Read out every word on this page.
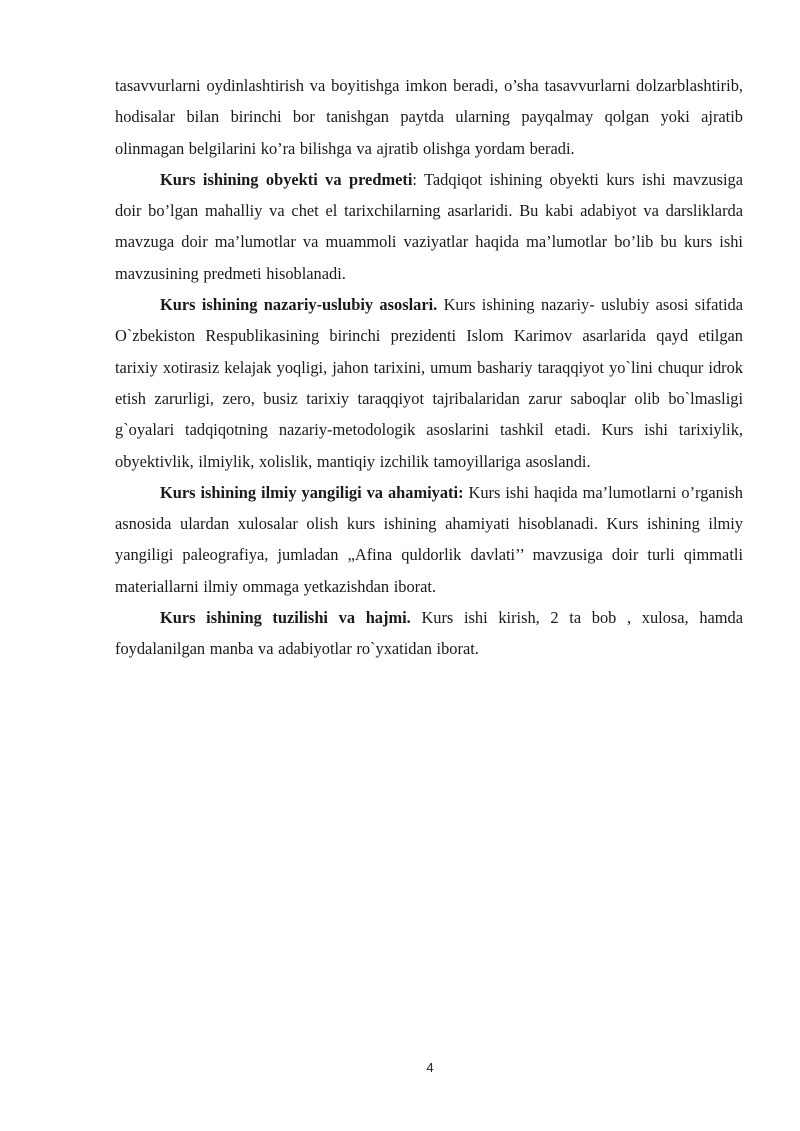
tasavvurlarni oydinlashtirish va boyitishga imkon beradi, o’sha tasavvurlarni dolzarblashtirib, hodisalar bilan birinchi bor tanishgan paytda ularning payqalmay qolgan yoki ajratib olinmagan belgilarini ko’ra bilishga va ajratib olishga yordam beradi.

Kurs ishining obyekti va predmeti: Tadqiqot ishining obyekti kurs ishi mavzusiga doir bo’lgan mahalliy va chet el tarixchilarning asarlaridi. Bu kabi adabiyot va darsliklarda mavzuga doir ma’lumotlar va muammoli vaziyatlar haqida ma’lumotlar bo’lib bu kurs ishi mavzusining predmeti hisoblanadi.

Kurs ishining nazariy-uslubiy asoslari. Kurs ishining nazariy- uslubiy asosi sifatida O`zbekiston Respublikasining birinchi prezidenti Islom Karimov asarlarida qayd etilgan tarixiy xotirasiz kelajak yoqligi, jahon tarixini, umum bashariy taraqqiyot yo`lini chuqur idrok etish zarurligi, zero, busiz tarixiy taraqqiyot tajribalaridan zarur saboqlar olib bo`lmasligi g`oyalari tadqiqotning nazariy-metodologik asoslarini tashkil etadi. Kurs ishi tarixiylik, obyektivlik, ilmiylik, xolislik, mantiqiy izchilik tamoyillariga asoslandi.

Kurs ishining ilmiy yangiligi va ahamiyati: Kurs ishi haqida ma’lumotlarni o’rganish asnosida ulardan xulosalar olish kurs ishining ahamiyati hisoblanadi. Kurs ishining ilmiy yangiligi paleografiya, jumladan „Afina quldorlik davlati’’ mavzusiga doir turli qimmatli materiallarni ilmiy ommaga yetkazishdan iborat.

Kurs ishining tuzilishi va hajmi. Kurs ishi kirish, 2 ta bob , xulosa, hamda foydalanilgan manba va adabiyotlar ro`yxatidan iborat.

4
